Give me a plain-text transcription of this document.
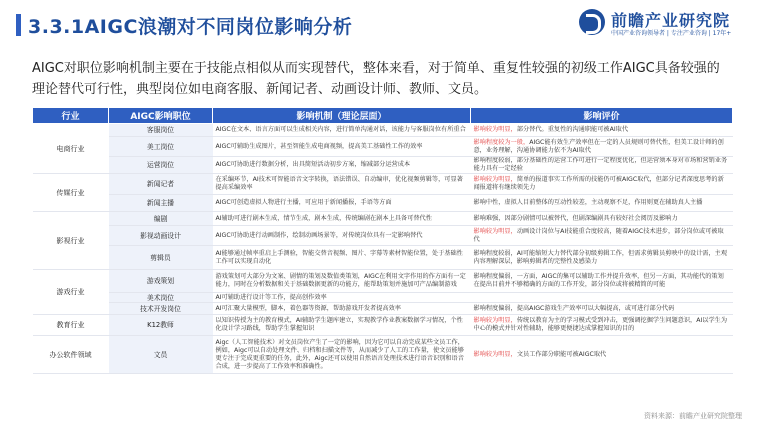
3.3.1AIGC浪潮对不同岗位影响分析	前瞻产业研究院
中国产业咨询领导者 | 专注产业咨询 | 17年+
AIGC对职位影响机制主要在于技能点相似从而实现替代，整体来看，对于简单、重复性较强的初级工作AIGC具备较强的理论替代可行性，典型岗位如电商客服、新闻记者、动画设计师、教师、文员。
行业	AIGC影响职位	影响机制（理论层面）	影响评价
电商行业	客服岗位	AIGC在文本、语言方面可以生成相关内容，进行简单沟通对话，该能力与客服岗位有所重合	影响较为明显，部分替代。重复性的沟通职能可被AI取代
	美工岗位	AIGC可辅助生成图片，甚至智能生成电商视频，提高美工基础性工作的效率	影响程度较为一般，AIGC能有效生产效率但在一定的人员规则可替代性，但美工设计师的创意，业务理解，沟通协调能力依不为AI取代
	运营岗位	AIGC可协助进行数据分析，出具简短活动初步方案，缩减部分运营成本	影响程度较弱，部分基础性的运营工作可进行一定程度优化，但运营须本身对市场和营销业务能力具有一定经验
传媒行业	新闻记者	在采编环节，AI技术可智能语音文字转换，语法错误、自动编审，优化视频剪辑等，可显著提高采编效率	影响较为明显，简单的报道事实工作所需的技能仍可被AIGC取代，但部分记者深度思考的新闻报道将有继续领先力
	新闻主播	AIGC可创造虚拟人物进行主播，可应用于新闻播报，手语等方面	影响中性，虚拟人目前整体的互动性较差，主动观察不足，作用则更在辅助真人主播
影视行业	编剧	AI辅助可进行剧本生成，情节生成，剧本生成，传统编剧在剧本上具备可替代性	影响难强，因部分剧情可以被替代，但剧深编剧具有较好社会阅历及影响力
	影视动画设计	AIGC可协助进行动画制作，绘制动画场景等，对传统岗位具有一定影响替代	影响较为明显，动画设计岗位与AI技能重合度较高，随着AIGC技术进步，部分岗位或可被取代
	剪辑员	AI能够通过帧率重启上手测验，智能交替音视频、图片、字幕等素材智能位置，处于基础性工作可以实现自动化	影响程度较弱，AI可能缩短大力替代部分初级剪辑工作，但需求剪辑员剪映中的设计需，主观内容理解深层，影响剪辑者的完整性及感染力
游戏行业	游戏策划	游戏策划可大部分为文案、剧情的策划及数值类策划，AIGC在利用文字作用的作方面有一定能力，同时在分析数据和关于基础数据更新的功能方，能帮助策划并施加可产品编制游戏	影响程度偏弱，一方面，AIGC的集可以辅助工作并提升效率，但另一方面，其功能代的策划在提出目前并不够精确的方面的工作开发，部分岗位或将被精简的可能
	美术岗位	AI可辅助进行设计等工作，提高创作效率	
	技术开发岗位	AI可汇聚大量模型，脚本，着色器等资源，帮助游戏开发者提高效率	影响程度偏弱，提高AIGC游戏生产效率可以大幅提高，或可进行部分代码
教育行业	K12教师	以知识传授为主的教育模式，AI辅助学生题库建立，实现教学作业教案数据学习情况，个性化设计学习路线，帮助学生掌握知识	影响较为明显，传统以教育为主的学习模式受到冲击，更强调挖掘学生问题意识，AI以学生为中心的模式并针对性辅助，能够更便捷达成掌握知识的目的
办公软件领域	文员	Aigc（人工智能技术）对文员岗位产生了一定的影响，因为它可以自动完成某些文员工作，例如，Aigc可以自动处理文件、归档和扫描文件等，从而减少了人工的工作量，使文员能够更专注于完成更重要的任务，此外，Aigc还可以使用自然语言处理技术进行语音识别和语音合成，进一步提高了工作效率和准确性。	影响较为明显，文员工作部分职能可被AIGC取代
资料来源：前瞻产业研究院整理
